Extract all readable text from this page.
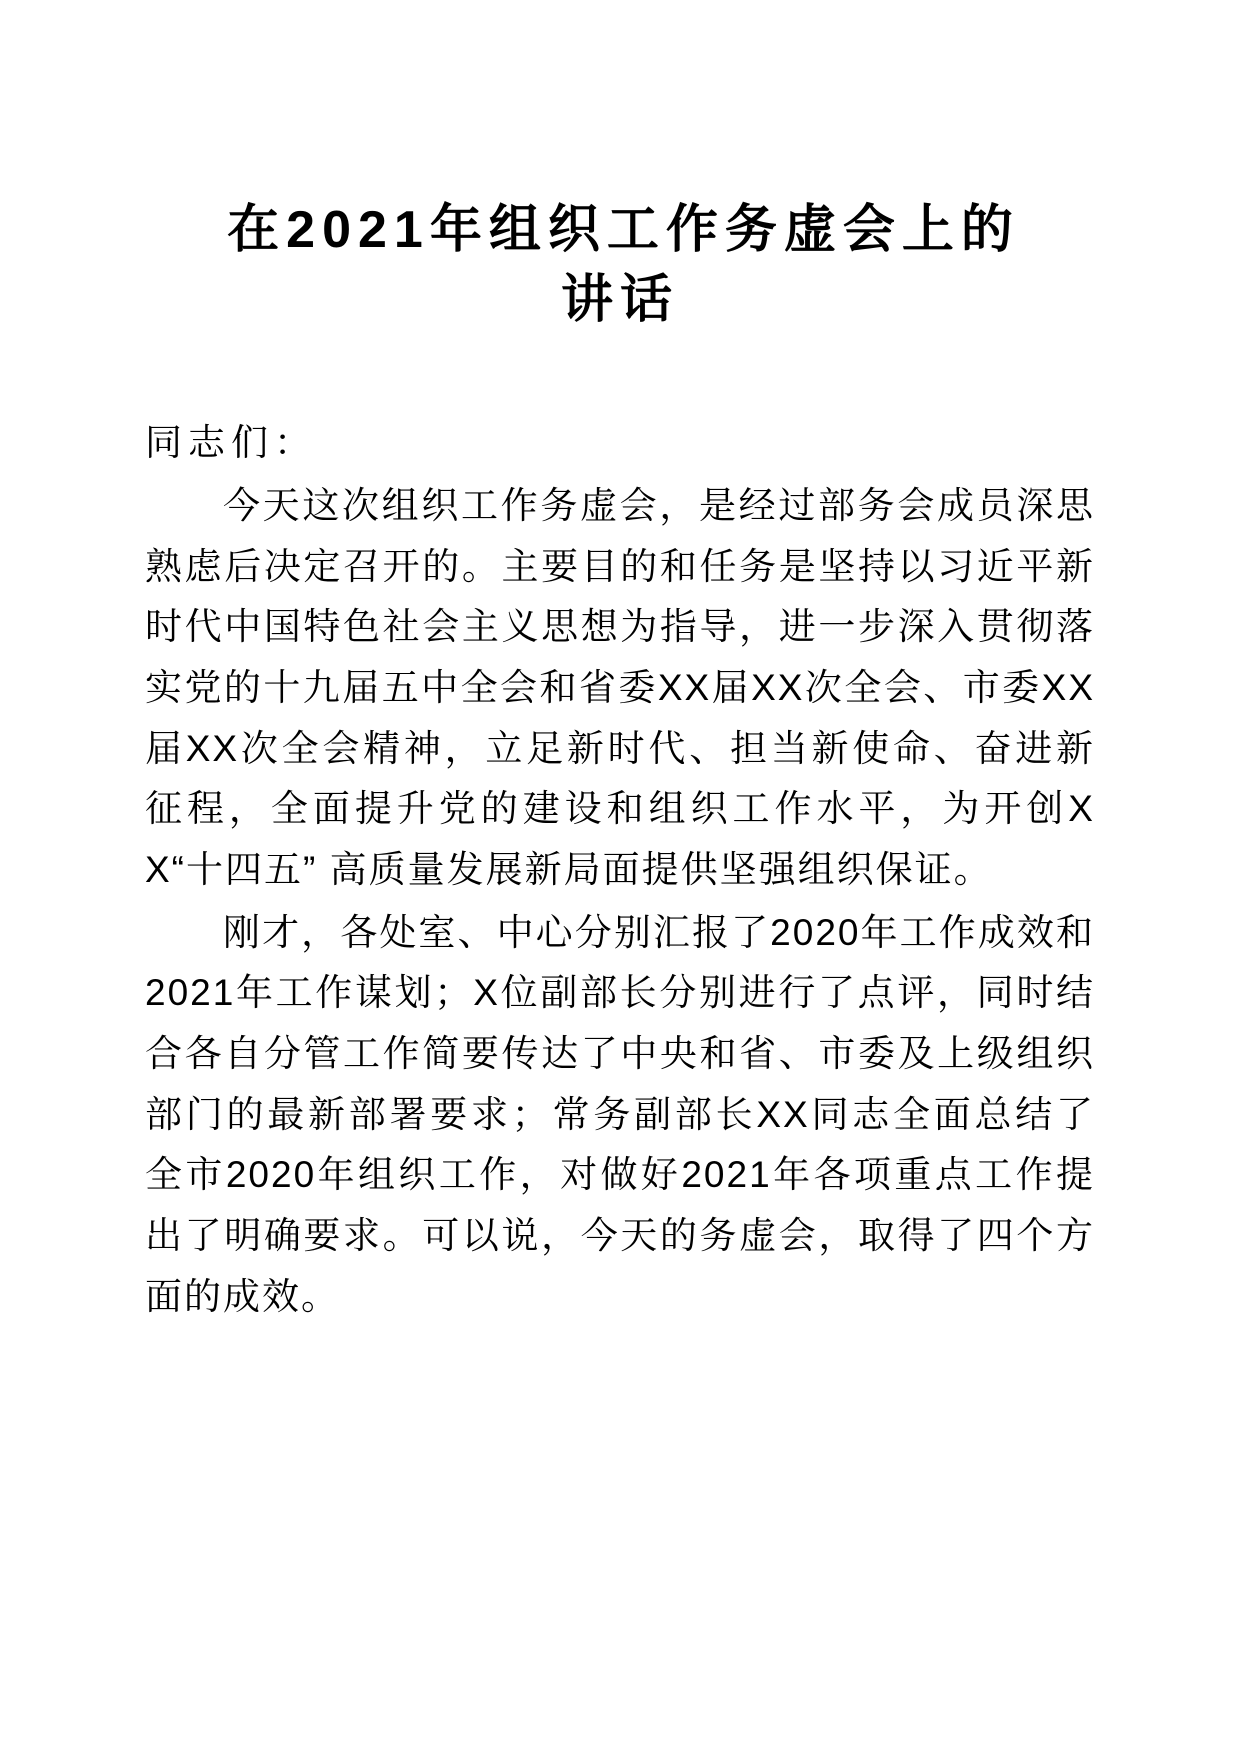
在2021年组织工作务虚会上的
讲话

同志们：

今天这次组织工作务虚会，是经过部务会成员深思熟虑后决定召开的。主要目的和任务是坚持以习近平新时代中国特色社会主义思想为指导，进一步深入贯彻落实党的十九届五中全会和省委XX届XX次全会、市委XX届XX次全会精神，立足新时代、担当新使命、奋进新征程，全面提升党的建设和组织工作水平，为开创XX“十四五” 高质量发展新局面提供坚强组织保证。

刚才，各处室、中心分别汇报了2020年工作成效和2021年工作谋划；X位副部长分别进行了点评，同时结合各自分管工作简要传达了中央和省、市委及上级组织部门的最新部署要求；常务副部长XX同志全面总结了全市2020年组织工作，对做好2021年各项重点工作提出了明确要求。可以说，今天的务虚会，取得了四个方面的成效。
